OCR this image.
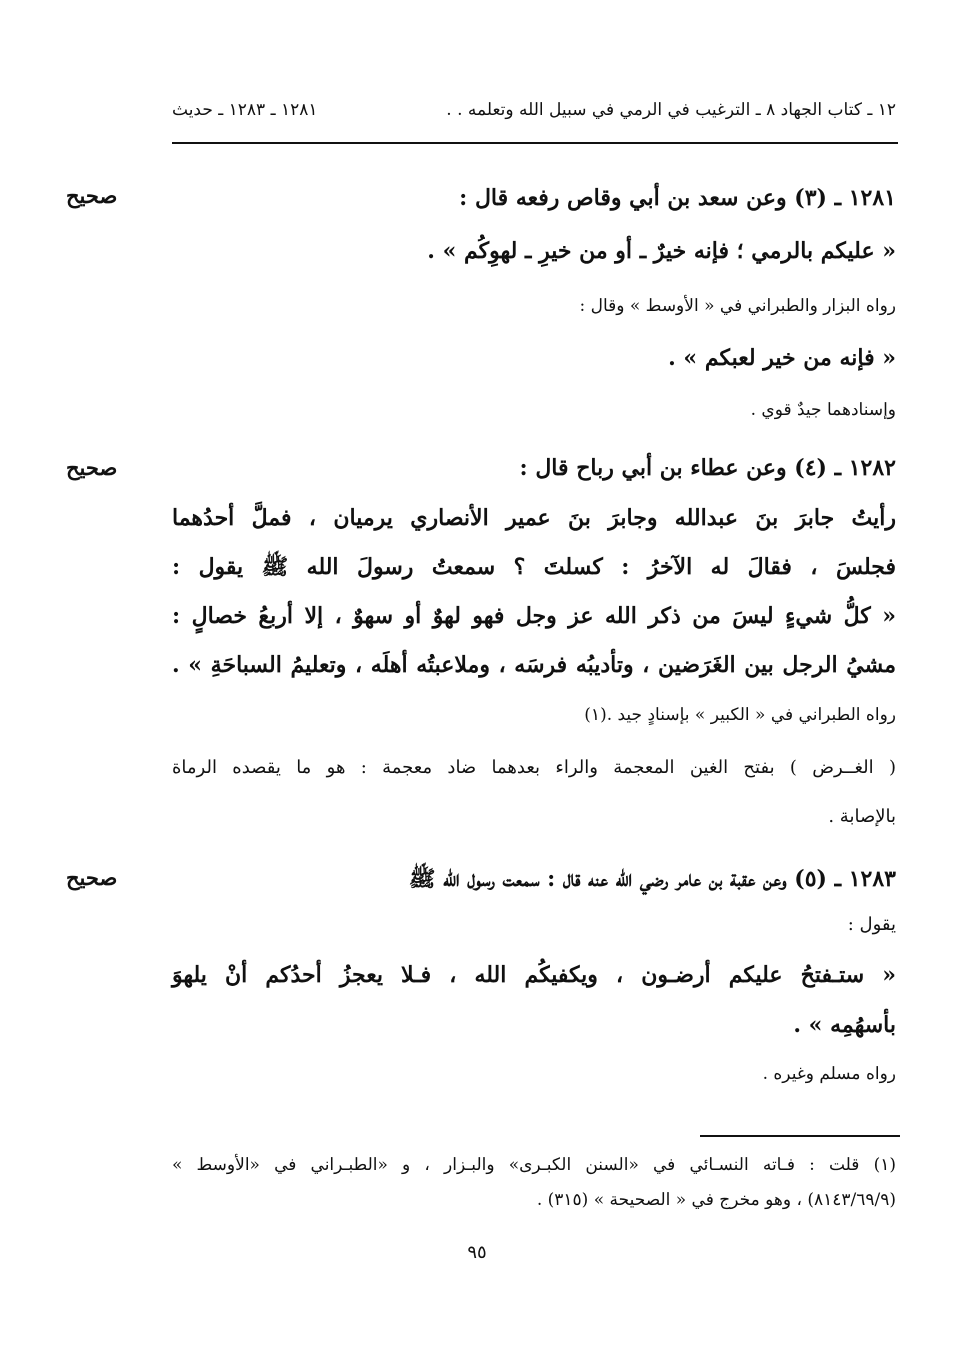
١٢ ـ كتاب الجهاد ٨ ـ الترغيب في الرمي في سبيل الله وتعلمه . .
١٢٨١ ـ ١٢٨٣ ـ حديث
صحيح	١٢٨١ ـ (٣) وعن سعد بن أبي وقاص رفعه قال :
« عليكم بالرمي ؛ فإنه خيرٌ ـ أو من خيرِ ـ لهوِكُم » .
رواه البزار والطبراني في « الأوسط » وقال :
« فإنه من خير لعبكم » .
وإسنادهما جيدٌ قوي .
صحيح	١٢٨٢ ـ (٤) وعن عطاء بن أبي رباح قال :
رأيتُ جابرَ بنَ عبدالله وجابرَ بنَ عمير الأنصاري يرميان ، فملَّ أحدُهما
فجلسَ ، فقالَ له الآخرُ : كسلتَ ؟ سمعتُ رسولَ الله ﷺ يقول :
« كلُّ شيءٍ ليسَ من ذكر الله عز وجل فهو لهوٌ أو سهوٌ ، إلا أربعُ خصالٍ :
مشيُ الرجل بين الغَرَضين ، وتأديبُه فرسَه ، وملاعبتُه أهلَه ، وتعليمُ السباحَةِ » .
رواه الطبراني في « الكبير » بإسنادٍ جيد .(١)
( الغــرض ) بفتح الغين المعجمة والراء بعدهما ضاد معجمة : هو ما يقصده الرماة
بالإصابة .
صحيح	١٢٨٣ ـ (٥) وعن عقبة بن عامر رضي الله عنه قال : سمعت رسول الله ﷺ
يقول :
« ستـفتحُ عليكم أرضـون ، ويكفيكُم الله ، فـلا يعجزُ أحدُكم أنْ يلهوَ
بأسهُمِه » .
رواه مسلم وغيره .
(١) قلت : فـاته النسـائي في «السنن الكبـرى» والبـزار ، و «الطبـراني في «الأوسط »
(٨١٤٣/٦٩/٩) ، وهو مخرج في « الصحيحة » (٣١٥) .
٩٥
